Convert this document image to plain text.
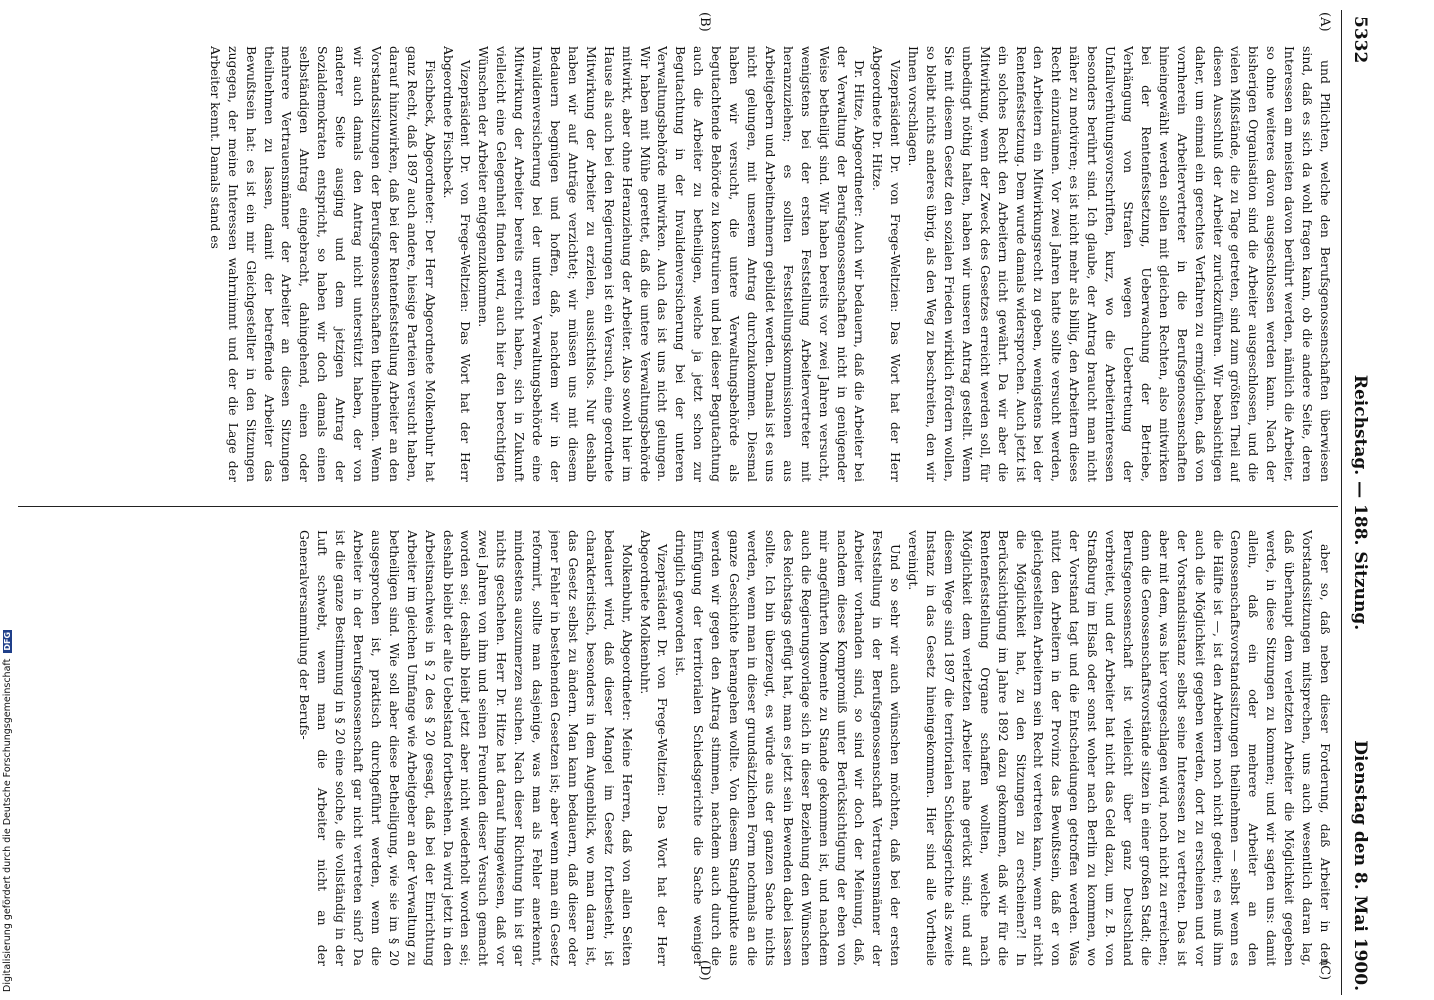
5332
Reichstag. — 188. Sitzung.
Dienstag den 8. Mai 1900.
(A)
(B)
(C)
(D)

und Pflichten, welche den Berufsgenossenschaften überwiesen sind, daß es sich da wohl fragen kann, ob die andere Seite, deren Interessen am meisten davon berührt werden, nämlich die Arbeiter, so ohne weiteres davon ausgeschlossen werden kann. Nach der bisherigen Organisation sind die Arbeiter ausgeschlossen, und die vielen Mißstände, die zu Tage getreten, sind zum größten Theil auf diesen Ausschluß der Arbeiter zurückzuführen. Wir beabsichtigen daher, um einmal ein gerechtes Verfahren zu ermöglichen, daß von vornherein Arbeitervertreter in die Berufsgenossenschaften hineingewählt werden sollen mit gleichen Rechten, also mitwirken bei der Rentenfestsetzung, Ueberwachung der Betriebe, Verhängung von Strafen wegen Uebertretung der Unfallverhütungsvorschriften, kurz, wo die Arbeiterinteressen besonders berührt sind. Ich glaube, der Antrag braucht man nicht näher zu motiviren; es ist nicht mehr als billig, den Arbeitern dieses Recht einzuräumen. Vor zwei Jahren hatte sollte versucht werden, den Arbeitern ein Mitwirkungsrecht zu geben, wenigstens bei der Rentenfestsetzung. Dem wurde damals widersprochen. Auch jetzt ist ein solches Recht den Arbeitern nicht gewährt. Da wir aber die Mitwirkung, wenn der Zweck des Gesetzes erreicht werden soll, für unbedingt nöthig halten, haben wir unseren Antrag gestellt. Wenn Sie mit diesem Gesetz den sozialen Frieden wirklich fördern wollen, so bleibt nichts anderes übrig, als den Weg zu beschreiten, den wir Ihnen vorschlagen.

Vizepräsident Dr. von Frege-Weltzien: Das Wort hat der Herr Abgeordnete Dr. Hitze.

Dr. Hitze, Abgeordneter: Auch wir bedauern, daß die Arbeiter bei der Verwaltung der Berufsgenossenschaften nicht in genügender Weise betheiligt sind. Wir haben bereits vor zwei Jahren versucht, wenigstens bei der ersten Feststellung Arbeitervertreter mit heranzuziehen; es sollten Feststellungskommissionen aus Arbeitgebern und Arbeitnehmern gebildet werden. Damals ist es uns nicht gelungen, mit unserem Antrag durchzukommen. Diesmal haben wir versucht, die untere Verwaltungsbehörde als begutachtende Behörde zu konstruiren und bei dieser Begutachtung auch die Arbeiter zu betheiligen, welche ja jetzt schon zur Begutachtung in der Invalidenversicherung bei der unteren Verwaltungsbehörde mitwirken. Auch das ist uns nicht gelungen. Wir haben mit Mühe gerettet, daß die untere Verwaltungsbehörde mitwirkt, aber ohne Heranziehung der Arbeiter. Also sowohl hier im Hause als auch bei den Regierungen ist ein Versuch, eine geordnete Mitwirkung der Arbeiter zu erzielen, aussichtslos. Nur deshalb haben wir auf Anträge verzichtet; wir müssen uns mit diesem Bedauern begnügen und hoffen, daß, nachdem wir in der Invalidenversicherung bei der unteren Verwaltungsbehörde eine Mitwirkung der Arbeiter bereits erreicht haben, sich in Zukunft vielleicht eine Gelegenheit finden wird, auch hier den berechtigten Wünschen der Arbeiter entgegenzukommen.

Vizepräsident Dr. von Frege-Weltzien: Das Wort hat der Herr Abgeordnete Fischbeck.

Fischbeck, Abgeordneter: Der Herr Abgeordnete Molkenbuhr hat ganz Recht, daß 1897 auch andere, hiesige Parteien versucht haben, darauf hinzuwirken, daß bei der Rentenfeststellung Arbeiter an den Vorstandssitzungen der Berufsgenossenschaften theilnehmen. Wenn wir auch damals den Antrag nicht unterstützt haben, der von anderer Seite ausging und dem jetzigen Antrag der Sozialdemokraten entspricht, so haben wir doch damals einen selbständigen Antrag eingebracht, dahingehend, einen oder mehrere Vertrauensmänner der Arbeiter an diesen Sitzungen theilnehmen zu lassen, damit der betreffende Arbeiter das Bewußtsein hat: es ist ein mir Gleichgestellter in den Sitzungen zugegen, der meine Interessen wahrnimmt und der die Lage der Arbeiter kennt. Damals stand es

aber so, daß neben dieser Forderung, daß Arbeiter in den Vorstandssitzungen mitsprechen, uns auch wesentlich daran lag, daß überhaupt dem verletzten Arbeiter die Möglichkeit gegeben werde, in diese Sitzungen zu kommen; und wir sagten uns: damit allein, daß ein oder mehrere Arbeiter an den Genossenschaftsvorstandssitzungen theilnehmen — selbst wenn es die Hälfte ist —, ist den Arbeitern noch nicht gedient; es muß ihm auch die Möglichkeit gegeben werden, dort zu erscheinen und vor der Vorstandsinstanz selbst seine Interessen zu vertreten. Das ist aber mit dem, was hier vorgeschlagen wird, noch nicht zu erreichen; denn die Genossenschaftsvorstände sitzen in einer großen Stadt; die Berufsgenossenschaft ist vielleicht über ganz Deutschland verbreitet, und der Arbeiter hat nicht das Geld dazu, um z. B. von Straßburg im Elsaß oder sonst woher nach Berlin zu kommen, wo der Vorstand tagt und die Entscheidungen getroffen werden. Was nützt den Arbeitern in der Provinz das Bewußtsein, daß er von gleichgestellten Arbeitern sein Recht vertreten kann, wenn er nicht die Möglichkeit hat, zu den Sitzungen zu erscheinen?! In Berücksichtigung im Jahre 1892 dazu gekommen, daß wir für die Rentenfeststellung Organe schaffen wollten, welche nach Möglichkeit dem verletzten Arbeiter nahe gerückt sind; und auf diesem Wege sind 1897 die territorialen Schiedsgerichte als zweite Instanz in das Gesetz hineingekommen. Hier sind alle Vortheile vereinigt.

Und so sehr wir auch wünschen möchten, daß bei der ersten Feststellung in der Berufsgenossenschaft Vertrauensmänner der Arbeiter vorhanden sind, so sind wir doch der Meinung, daß, nachdem dieses Kompromiß unter Berücksichtigung der eben von mir angeführten Momente zu Stande gekommen ist, und nachdem auch die Regierungsvorlage sich in dieser Beziehung den Wünschen des Reichstags gefügt hat, man es jetzt sein Bewenden dabei lassen sollte. Ich bin überzeugt, es würde aus der ganzen Sache nichts werden, wenn man in dieser grundsätzlichen Form nochmals an die ganze Geschichte herangehen wollte. Von diesem Standpunkte aus werden wir gegen den Antrag stimmen, nachdem auch durch die Einfügung der territorialen Schiedsgerichte die Sache weniger dringlich geworden ist.

Vizepräsident Dr. von Frege-Weltzien: Das Wort hat der Herr Abgeordnete Molkenbuhr.

Molkenbuhr, Abgeordneter: Meine Herren, daß von allen Seiten bedauert wird, daß dieser Mangel im Gesetz fortbesteht, ist charakteristisch, besonders in dem Augenblick, wo man daran ist, das Gesetz selbst zu ändern. Man kann bedauern, daß dieser oder jener Fehler in bestehenden Gesetzen ist; aber wenn man ein Gesetz reformirt, sollte man dasjenige, was man als Fehler anerkennt, mindestens auszumerzen suchen. Nach dieser Richtung hin ist gar nichts geschehen. Herr Dr. Hitze hat darauf hingewiesen, daß vor zwei Jahren von ihm und seinen Freunden dieser Versuch gemacht worden sei; deshalb bleibt jetzt aber nicht wiederholt worden sei; deshalb bleibt der alte Uebelstand fortbestehen. Da wird jetzt in den Arbeitsnachweis in § 2 des § 20 gesagt, daß bei der Einrichtung Arbeiter im gleichen Umfange wie Arbeitgeber an der Verwaltung zu betheiligen sind. Wie soll aber diese Betheiligung, wie sie im § 20 ausgesprochen ist, praktisch durchgeführt werden, wenn die Arbeiter in der Berufsgenossenschaft gar nicht vertreten sind? Da ist die ganze Bestimmung in § 20 eine solche, die vollständig in der Luft schwebt, wenn man die Arbeiter nicht an der Generalversammlung der Berufs-

Digitalisierung gefördert durch die Deutsche Forschungsgemeinschaft DFG
